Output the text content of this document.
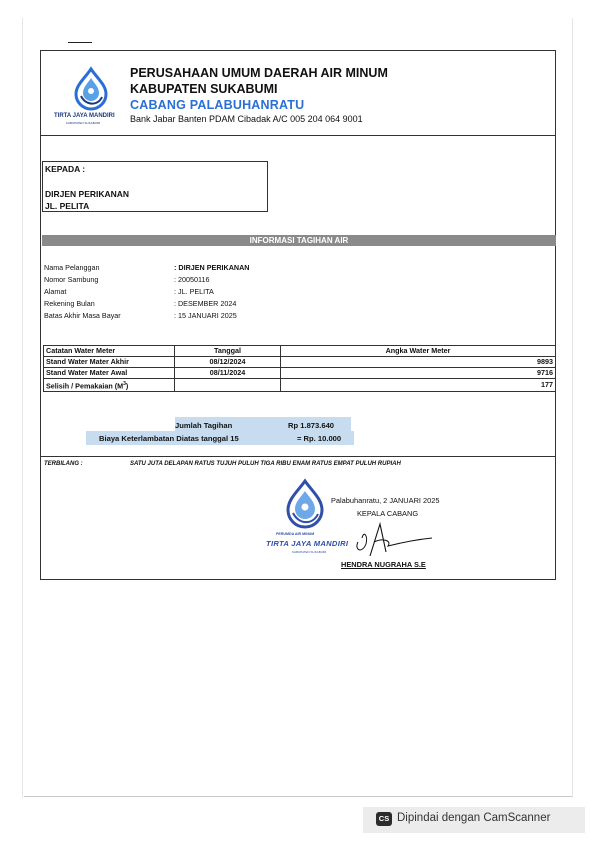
TIRTA JAYA MANDIRI
KABUPATEN SUKABUMI
PERUSAHAAN UMUM DAERAH AIR MINUM
KABUPATEN SUKABUMI
CABANG PALABUHANRATU
Bank Jabar Banten PDAM Cibadak A/C 005 204 064 9001
KEPADA :
DIRJEN PERIKANAN
JL. PELITA
INFORMASI TAGIHAN AIR
Nama Pelanggan	: DIRJEN PERIKANAN
Nomor Sambung	: 20050116
Alamat	: JL. PELITA
Rekening Bulan	: DESEMBER 2024
Batas Akhir Masa Bayar	: 15 JANUARI 2025
Catatan Water Meter	Tanggal	Angka Water Meter
Stand Water Mater Akhir	08/12/2024	9893
Stand Water Mater Awal	08/11/2024	9716
Selisih / Pemakaian $(M^3)$		177
Jumlah Tagihan	Rp 1.873.640
Biaya Keterlambatan Diatas tanggal 15	= Rp. 10.000
TERBILANG :	SATU JUTA DELAPAN RATUS TUJUH PULUH TIGA RIBU ENAM RATUS EMPAT PULUH RUPIAH
PERUMDA AIR MINUM
TIRTA JAYA MANDIRI
KABUPATEN SUKABUMI
Palabuhanratu, 2 JANUARI 2025
KEPALA CABANG
HENDRA NUGRAHA S.E
CS Dipindai dengan CamScanner
